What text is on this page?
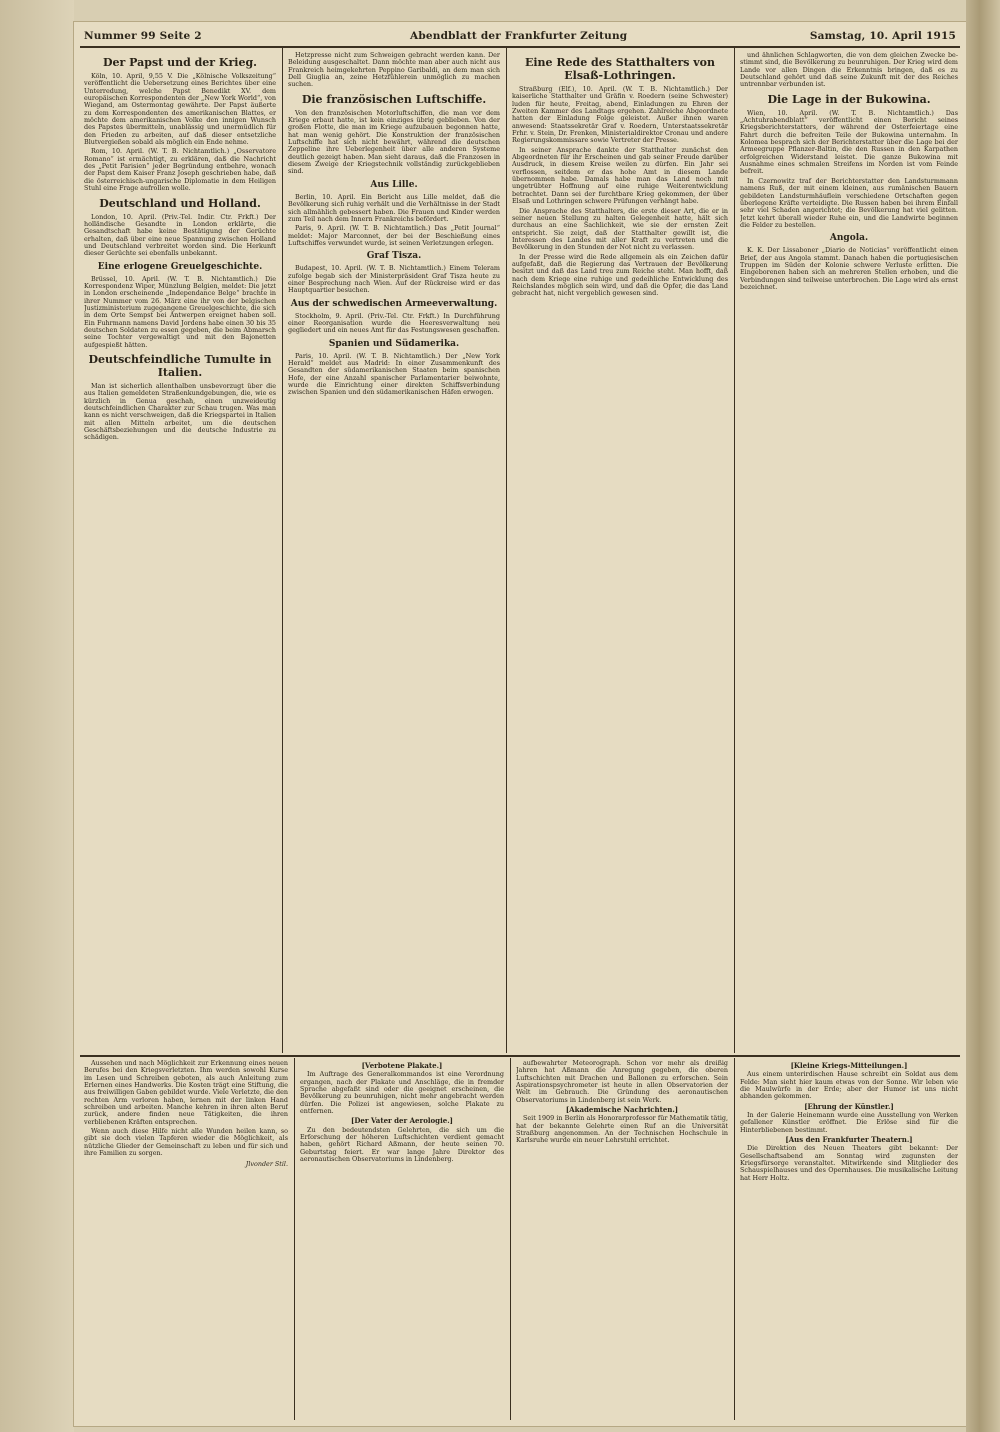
Nummer 99 Seite 2	Abendblatt der Frankfurter Zeitung	Samstag, 10. April 1915
Der Papst und der Krieg.

Köln, 10. April, 9,55 V. Die „Kölnische Volkszeitung“ veröffentlicht die Uebersetzung eines Berichtes über eine Unterredung, welche Papst Benedikt XV. dem europäischen Korrespondenten der „New York World“, von Wiegand, am Ostermontag gewährte. Der Papst äußerte zu dem Korrespondenten des amerikanischen Blattes, er möchte dem amerikanischen Volke den innigen Wunsch des Papstes übermitteln, unablässig und unermüdlich für den Frieden zu arbeiten, auf daß dieser entsetzliche Blutvergießen sobald als möglich ein Ende nehme.

Rom, 10. April. (W. T. B. Nichtamtlich.) „Osservatore Romano“ ist ermächtigt, zu erklären, daß die Nachricht des „Petit Parisien“ jeder Begründung entbehre, wonach der Papst dem Kaiser Franz Joseph geschrieben habe, daß die österreichisch-ungarische Diplomatie in dem Heiligen Stuhl eine Frage aufrollen wolle.

Deutschland und Holland.

London, 10. April. (Priv.-Tel. Indir. Ctr. Frkft.) Der holländische Gesandte in London erklärte, die Gesandtschaft habe keine Bestätigung der Gerüchte erhalten, daß über eine neue Spannung zwischen Holland und Deutschland verbreitet worden sind. Die Herkunft dieser Gerüchte sei ebenfalls unbekannt.

Eine erlogene Greuelgeschichte.

Brüssel, 10. April. (W. T. B. Nichtamtlich.) Die Korrespondenz Wiper, Münzlung Belgien, meldet: Die jetzt in London erscheinende „Independance Belge“ brachte in ihrer Nummer vom 26. März eine ihr von der belgischen Justizministerium zugegangene Greuelgeschichte, die sich in dem Orte Sempst bei Antwerpen ereignet haben soll. Ein Fuhrmann namens David Jordens habe einen 30 bis 35 deutschen Soldaten zu essen gegeben, die beim Abmarsch seine Tochter vergewaltigt und mit den Bajonetten aufgespießt hätten.

Deutschfeindliche Tumulte in Italien.

Man ist sicherlich allenthalben unsbevorzugt über die aus Italien gemeldeten Straßenkundgebungen, die, wie es kürzlich in Genua geschah, einen unzweideutig deutschfeindlichen Charakter zur Schau trugen. Was man kann es nicht verschweigen, daß die Kriegspartei in Italien mit allen Mitteln arbeitet, um die deutschen Geschäftsbeziehungen und die deutsche Industrie zu schädigen.

Hetzpresse nicht zum Schweigen gebracht werden kann. Der Beleidung ausgeschaltet. Dann möchte man aber auch nicht aus Frankreich heimgekehrten Peppino Garibaldi, an dem man sich Dell Giuglia an, zeine Hetzfühlerein unmöglich zu machen suchen.

Die französischen Luftschiffe.

Von den französischen Motorluftschiffen, die man vor dem Kriege erbaut hatte, ist kein einziges übrig geblieben. Von der großen Flotte, die man im Kriege aufzubauen begonnen hatte, hat man wenig gehört. Die Konstruktion der französischen Luftschiffe hat sich nicht bewährt, während die deutschen Zeppeline ihre Ueberlegenheit über alle anderen Systeme deutlich gezeigt haben. Man sieht daraus, daß die Franzosen in diesem Zweige der Kriegstechnik vollständig zurückgeblieben sind.

Aus Lille.

Berlin, 10. April. Ein Bericht aus Lille meldet, daß die Bevölkerung sich ruhig verhält und die Verhältnisse in der Stadt sich allmählich gebessert haben. Die Frauen und Kinder werden zum Teil nach dem Innern Frankreichs befördert.

Paris, 9. April. (W. T. B. Nichtamtlich.) Das „Petit Journal“ meldet: Major Marconnet, der bei der Beschießung eines Luftschiffes verwundet wurde, ist seinen Verletzungen erlegen.

Graf Tisza.

Budapest, 10. April. (W. T. B. Nichtamtlich.) Einem Teleram zufolge begab sich der Ministerpräsident Graf Tisza heute zu einer Besprechung nach Wien. Auf der Rückreise wird er das Hauptquartier besuchen.

Aus der schwedischen Armeeverwaltung.

Stockholm, 9. April. (Priv.-Tel. Ctr. Frkft.) In Durchführung einer Reorganisation wurde die Heeresverwaltung neu gegliedert und ein neues Amt für das Festungswesen geschaffen.

Spanien und Südamerika.

Paris, 10. April. (W. T. B. Nichtamtlich.) Der „New York Herald“ meldet aus Madrid: In einer Zusammenkunft des Gesandten der südamerikanischen Staaten beim spanischen Hofe, der eine Anzahl spanischer Parlamentarier beiwohnte, wurde die Einrichtung einer direkten Schiffsverbindung zwischen Spanien und den südamerikanischen Häfen erwogen.

Eine Rede des Statthalters von Elsaß-Lothringen.

Straßburg (Elf.), 10. April. (W. T. B. Nichtamtlich.) Der kaiserliche Statthalter und Gräfin v. Roedern (seine Schwester) luden für heute, Freitag, abend, Einladungen zu Ehren der Zweiten Kammer des Landtags ergehen. Zahlreiche Abgeordnete hatten der Einladung Folge geleistet. Außer ihnen waren anwesend: Staatssekretär Graf v. Roedern, Unterstaatssekretär Frhr. v. Stein, Dr. Frenken, Ministerialdirektor Cronau und andere Regierungskommissare sowie Vertreter der Presse.

In seiner Ansprache dankte der Statthalter zunächst den Abgeordneten für ihr Erscheinen und gab seiner Freude darüber Ausdruck, in diesem Kreise weilen zu dürfen. Ein Jahr sei verflossen, seitdem er das hohe Amt in diesem Lande übernommen habe. Damals habe man das Land noch mit ungetrübter Hoffnung auf eine ruhige Weiterentwicklung betrachtet. Dann sei der furchtbare Krieg gekommen, der über Elsaß und Lothringen schwere Prüfungen verhängt habe.

Die Ansprache des Statthalters, die erste dieser Art, die er in seiner neuen Stellung zu halten Gelegenheit hatte, hält sich durchaus an eine Sachlichkeit, wie sie der ernsten Zeit entspricht. Sie zeigt, daß der Statthalter gewillt ist, die Interessen des Landes mit aller Kraft zu vertreten und die Bevölkerung in den Stunden der Not nicht zu verlassen.

In der Presse wird die Rede allgemein als ein Zeichen dafür aufgefaßt, daß die Regierung das Vertrauen der Bevölkerung besitzt und daß das Land treu zum Reiche steht. Man hofft, daß nach dem Kriege eine ruhige und gedeihliche Entwicklung des Reichslandes möglich sein wird, und daß die Opfer, die das Land gebracht hat, nicht vergeblich gewesen sind.

und ähnlichen Schlagworten, die von dem gleichen Zwecke be- stimmt sind, die Bevölkerung zu beunruhigen. Der Krieg wird dem Lande vor allen Dingen die Erkenntnis bringen, daß es zu Deutschland gehört und daß seine Zukunft mit der des Reiches untrennbar verbunden ist.

Die Lage in der Bukowina.

Wien, 10. April. (W. T. B. Nichtamtlich.) Das „Achtuhrabendblatt“ veröffentlicht einen Bericht seines Kriegsberichterstatters, der während der Osterfeiertage eine Fahrt durch die befreiten Teile der Bukowina unternahm. In Kolomea besprach sich der Berichterstatter über die Lage bei der Armeegruppe Pflanzer-Baltin, die den Russen in den Karpathen erfolgreichen Widerstand leistet. Die ganze Bukowina mit Ausnahme eines schmalen Streifens im Norden ist vom Feinde befreit.

In Czernowitz traf der Berichterstatter den Landsturmmann namens Ruß, der mit einem kleinen, aus rumänischen Bauern gebildeten Landsturmhäuflein verschiedene Ortschaften gegen überlegene Kräfte verteidigte. Die Russen haben bei ihrem Einfall sehr viel Schaden angerichtet; die Bevölkerung hat viel gelitten. Jetzt kehrt überall wieder Ruhe ein, und die Landwirte beginnen die Felder zu bestellen.

Angola.

K. K. Der Lissaboner „Diario de Noticias“ veröffentlicht einen Brief, der aus Angola stammt. Danach haben die portugiesischen Truppen im Süden der Kolonie schwere Verluste erlitten. Die Eingeborenen haben sich an mehreren Stellen erhoben, und die Verbindungen sind teilweise unterbrochen. Die Lage wird als ernst bezeichnet.

Aussehen und nach Möglichkeit zur Erkennung eines neuen Berufes bei den Kriegsverletzten. Ihm werden sowohl Kurse im Lesen und Schreiben geboten, als auch Anleitung zum Erlernen eines Handwerks. Die Kosten trägt eine Stiftung, die aus freiwilligen Gaben gebildet wurde. Viele Verletzte, die den rechten Arm verloren haben, lernen mit der linken Hand schreiben und arbeiten. Manche kehren in ihren alten Beruf zurück, andere finden neue Tätigkeiten, die ihren verbliebenen Kräften entsprechen.

Wenn auch diese Hilfe nicht alle Wunden heilen kann, so gibt sie doch vielen Tapferen wieder die Möglichkeit, als nützliche Glieder der Gemeinschaft zu leben und für sich und ihre Familien zu sorgen.

Jlvonder Stil.
[Verbotene Plakate.]

Im Auftrage des Generalkommandos ist eine Verordnung ergangen, nach der Plakate und Anschläge, die in fremder Sprache abgefaßt sind oder die geeignet erscheinen, die Bevölkerung zu beunruhigen, nicht mehr angebracht werden dürfen. Die Polizei ist angewiesen, solche Plakate zu entfernen.

[Der Vater der Aerologie.]

Zu den bedeutendsten Gelehrten, die sich um die Erforschung der höheren Luftschichten verdient gemacht haben, gehört Richard Aßmann, der heute seinen 70. Geburtstag feiert. Er war lange Jahre Direktor des aeronautischen Observatoriums in Lindenberg.

aufbewahrter Meteorograph. Schon vor mehr als dreißig Jahren hat Aßmann die Anregung gegeben, die oberen Luftschichten mit Drachen und Ballonen zu erforschen. Sein Aspirationspsychrometer ist heute in allen Observatorien der Welt im Gebrauch. Die Gründung des aeronautischen Observatoriums in Lindenberg ist sein Werk.

[Akademische Nachrichten.]

Seit 1909 in Berlin als Honorarprofessor für Mathematik tätig, hat der bekannte Gelehrte einen Ruf an die Universität Straßburg angenommen. An der Technischen Hochschule in Karlsruhe wurde ein neuer Lehrstuhl errichtet.

[Kleine Kriegs-Mitteilungen.]

Aus einem unterirdischen Hause schreibt ein Soldat aus dem Felde: Man sieht hier kaum etwas von der Sonne. Wir leben wie die Maulwürfe in der Erde; aber der Humor ist uns nicht abhanden gekommen.

[Ehrung der Künstler.]

In der Galerie Heinemann wurde eine Ausstellung von Werken gefallener Künstler eröffnet. Die Erlöse sind für die Hinterbliebenen bestimmt.

[Aus den Frankfurter Theatern.]

Die Direktion des Neuen Theaters gibt bekannt: Der Gesellschaftsabend am Sonntag wird zugunsten der Kriegsfürsorge veranstaltet. Mitwirkende sind Mitglieder des Schauspielhauses und des Opernhauses. Die musikalische Leitung hat Herr Holtz.
